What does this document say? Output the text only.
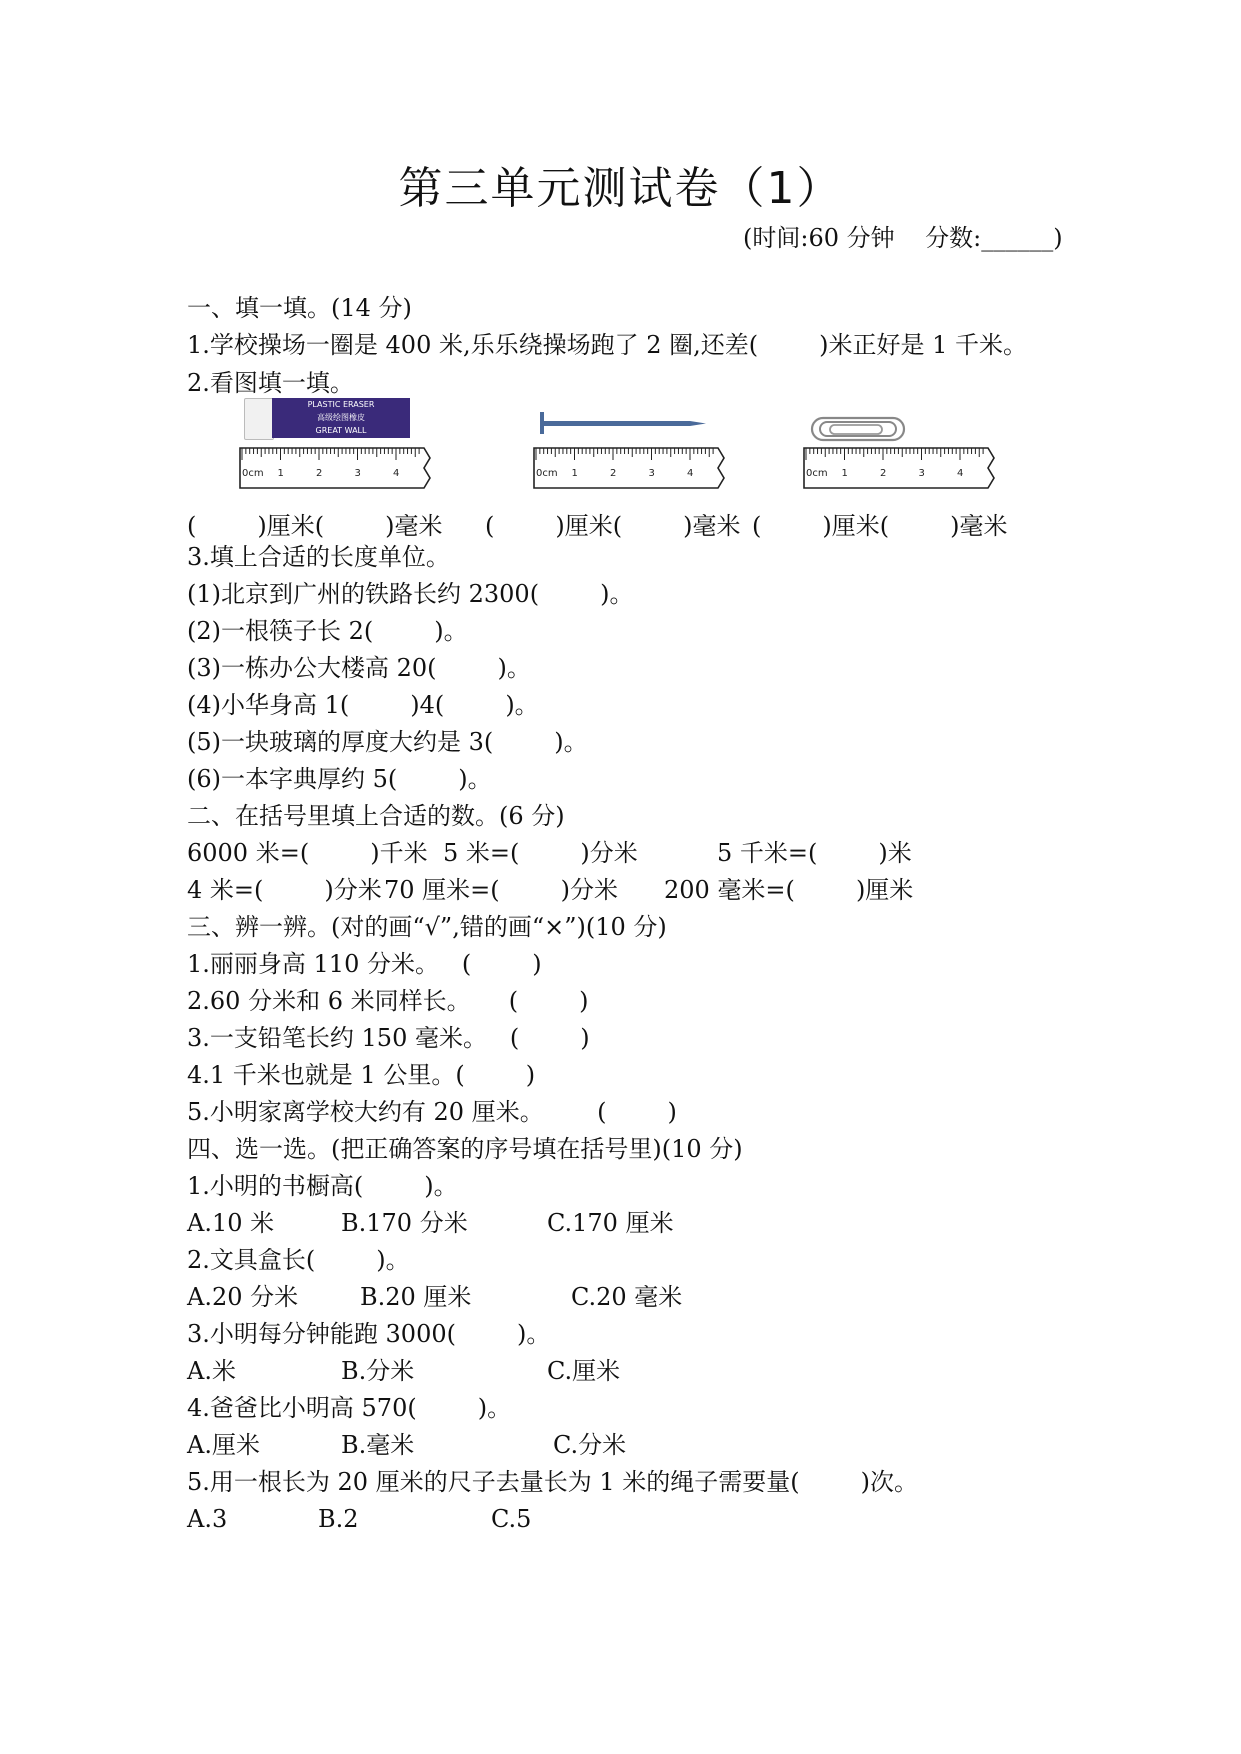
第三单元测试卷（1）
(时间:60 分钟    分数:______)
一、填一填。(14 分)
1.学校操场一圈是 400 米,乐乐绕操场跑了 2 圈,还差(        )米正好是 1 千米。
2.看图填一填。
PLASTIC ERASER
高级绘图橡皮
GREAT WALL
0cm 1	2	3	4	0cm 1	2	3	4	0cm 1	2	3	4
(        )厘米(        )毫米 (        )厘米(        )毫米 (        )厘米(        )毫米
3.填上合适的长度单位。
(1)北京到广州的铁路长约 2300(        )。
(2)一根筷子长 2(        )。
(3)一栋办公大楼高 20(        )。
(4)小华身高 1(        )4(        )。
(5)一块玻璃的厚度大约是 3(        )。
(6)一本字典厚约 5(        )。
二、在括号里填上合适的数。(6 分)
6000 米=(        )千米 5 米=(        )分米	5 千米=(        )米
4 米=(        )分米 70 厘米=(        )分米 200 毫米=(        )厘米
三、辨一辨。(对的画“√”,错的画“×”)(10 分)
1.丽丽身高 110 分米。   (        )
2.60 分米和 6 米同样长。     (        )
3.一支铅笔长约 150 毫米。   (        )
4.1 千米也就是 1 公里。(        )
5.小明家离学校大约有 20 厘米。       (        )
四、选一选。(把正确答案的序号填在括号里)(10 分)
1.小明的书橱高(        )。
A.10 米	B.170 分米	C.170 厘米
2.文具盒长(        )。
A.20 分米	B.20 厘米	C.20 毫米
3.小明每分钟能跑 3000(        )。
A.米	B.分米	C.厘米
4.爸爸比小明高 570(        )。
A.厘米	B.毫米	C.分米
5.用一根长为 20 厘米的尺子去量长为 1 米的绳子需要量(        )次。
A.3	B.2	C.5
